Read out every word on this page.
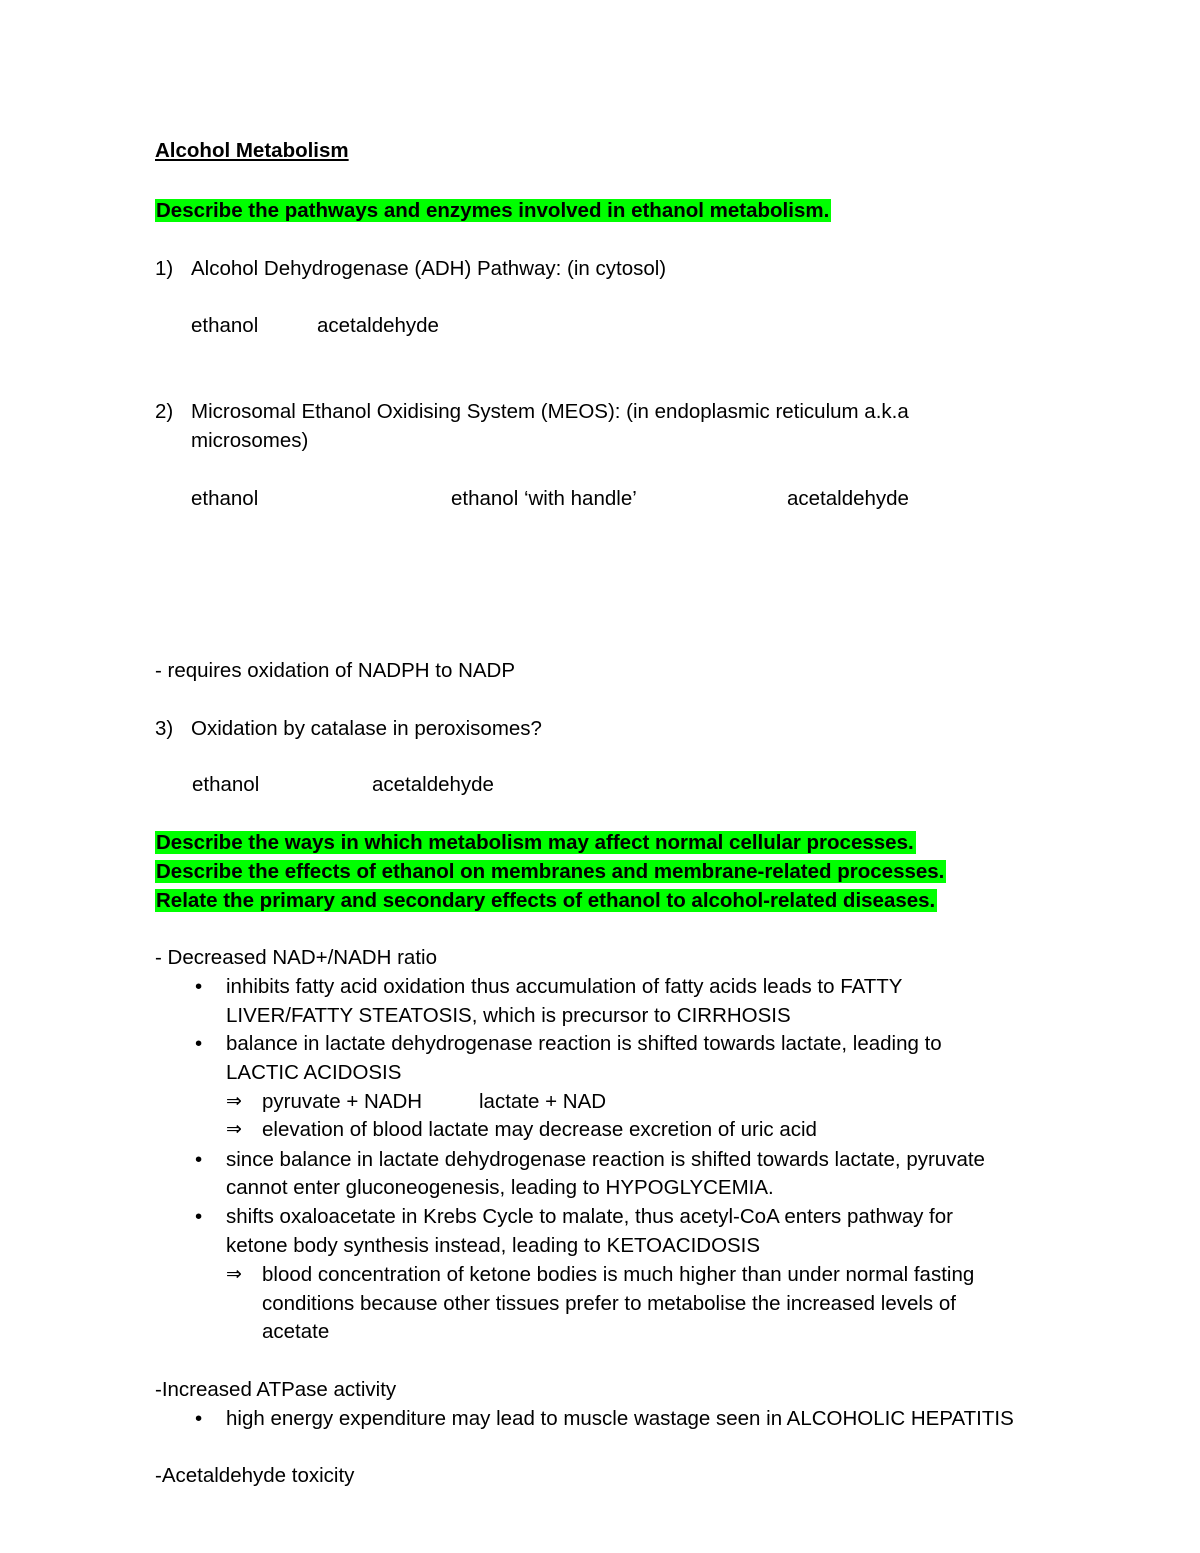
Alcohol Metabolism
Describe the pathways and enzymes involved in ethanol metabolism.
1) Alcohol Dehydrogenase (ADH) Pathway: (in cytosol)
ethanol	acetaldehyde
2) Microsomal Ethanol Oxidising System (MEOS): (in endoplasmic reticulum a.k.a
microsomes)
ethanol	ethanol ‘with handle’	acetaldehyde
- requires oxidation of NADPH to NADP
3) Oxidation by catalase in peroxisomes?
ethanol	acetaldehyde
Describe the ways in which metabolism may affect normal cellular processes.
Describe the effects of ethanol on membranes and membrane-related processes.
Relate the primary and secondary effects of ethanol to alcohol-related diseases.
- Decreased NAD+/NADH ratio
• inhibits fatty acid oxidation thus accumulation of fatty acids leads to FATTY
LIVER/FATTY STEATOSIS, which is precursor to CIRRHOSIS
• balance in lactate dehydrogenase reaction is shifted towards lactate, leading to
LACTIC ACIDOSIS
⇒ pyruvate + NADH	lactate + NAD
⇒ elevation of blood lactate may decrease excretion of uric acid
• since balance in lactate dehydrogenase reaction is shifted towards lactate, pyruvate
cannot enter gluconeogenesis, leading to HYPOGLYCEMIA.
• shifts oxaloacetate in Krebs Cycle to malate, thus acetyl-CoA enters pathway for
ketone body synthesis instead, leading to KETOACIDOSIS
⇒ blood concentration of ketone bodies is much higher than under normal fasting
conditions because other tissues prefer to metabolise the increased levels of
acetate
-Increased ATPase activity
• high energy expenditure may lead to muscle wastage seen in ALCOHOLIC HEPATITIS
-Acetaldehyde toxicity
